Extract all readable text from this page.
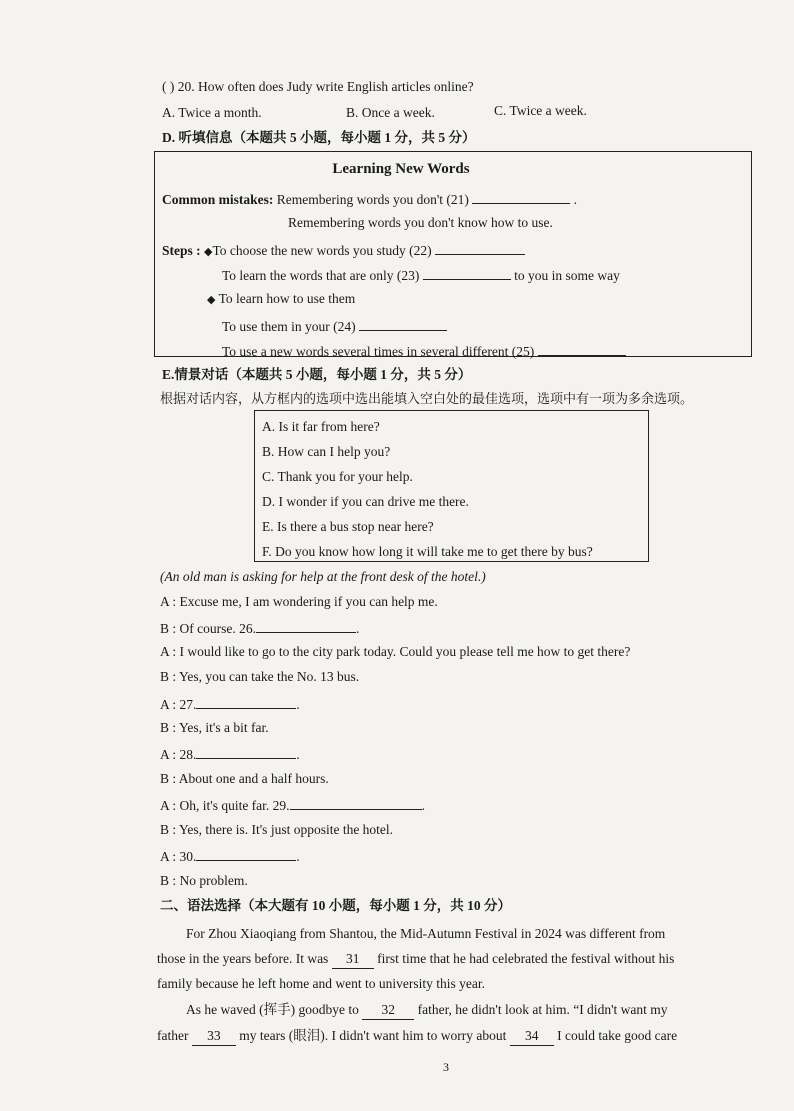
( ) 20. How often does Judy write English articles online?
A. Twice a month.	B. Once a week.	C. Twice a week.
D. 听填信息（本题共 5 小题，每小题 1 分，共 5 分）
Learning New Words
Common mistakes: Remembering words you don't (21)	.
Remembering words you don't know how to use.
Steps : ◆To choose the new words you study (22)
To learn the words that are only (23)	to you in some way
◆ To learn how to use them
To use them in your (24)
To use a new words several times in several different (25)
E.情景对话（本题共 5 小题，每小题 1 分，共 5 分）
根据对话内容，从方框内的选项中选出能填入空白处的最佳选项，选项中有一项为多余选项。
A. Is it far from here?
B. How can I help you?
C. Thank you for your help.
D. I wonder if you can drive me there.
E. Is there a bus stop near here?
F. Do you know how long it will take me to get there by bus?
(An old man is asking for help at the front desk of the hotel.)
A : Excuse me, I am wondering if you can help me.
B : Of course. 26.	.
A : I would like to go to the city park today. Could you please tell me how to get there?
B : Yes, you can take the No. 13 bus.
A : 27.	.
B : Yes, it's a bit far.
A : 28.	.
B : About one and a half hours.
A : Oh, it's quite far. 29.	.
B : Yes, there is. It's just opposite the hotel.
A : 30.	.
B : No problem.
二、语法选择（本大题有 10 小题，每小题 1 分，共 10 分）
For Zhou Xiaoqiang from Shantou, the Mid-Autumn Festival in 2024 was different from
those in the years before. It was 31 first time that he had celebrated the festival without his
family because he left home and went to university this year.
As he waved (挥手) goodbye to 32 father, he didn't look at him. “I didn't want my
father 33 my tears (眼泪). I didn't want him to worry about 34 I could take good care
3
